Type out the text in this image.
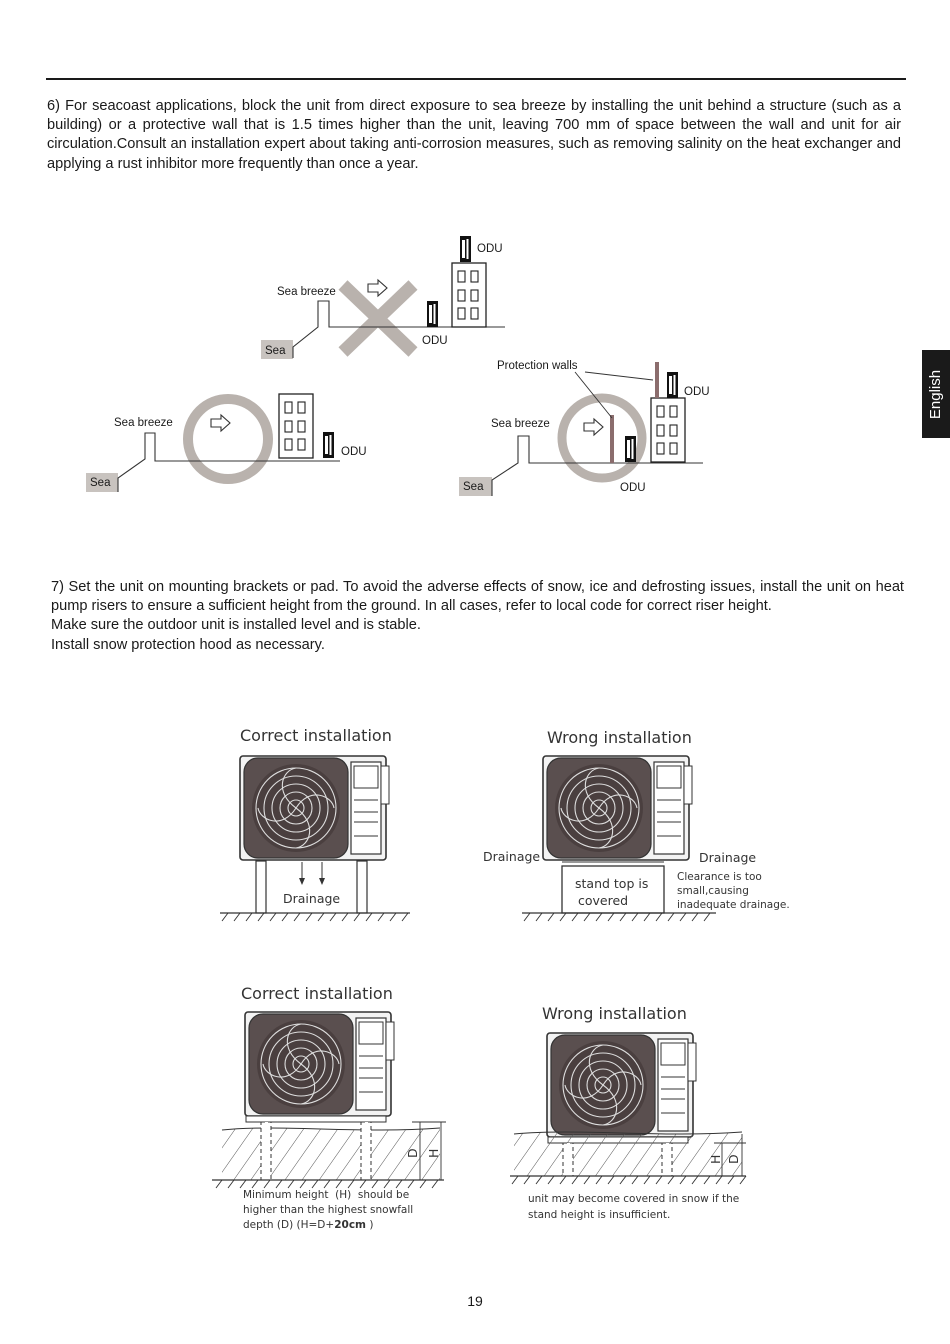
6) For seacoast applications, block the unit from direct exposure to sea breeze by installing the unit behind a structure (such as a building) or a protective wall that is 1.5 times higher than the unit, leaving 700 mm of space between the wall and unit for air circulation.Consult an installation expert about taking anti-corrosion measures, such as removing salinity on the heat exchanger and applying a rust inhibitor more frequently than once a year.

English
Sea
Sea breeze
ODU
ODU
Sea
Sea breeze
ODU
Sea
Sea breeze
ODU
ODU
Protection walls

7) Set the unit on mounting brackets or pad. To avoid the adverse effects of snow, ice and defrosting issues, install the unit on heat pump risers to ensure a sufficient height from the ground. In all cases, refer to local code for correct riser height.

Make sure the outdoor unit is installed level and is stable.

Install snow protection hood as necessary.

Correct installation
Drainage
Wrong installation
stand top is
covered
Drainage	Drainage
Clearance is too
small,causing
inadequate drainage.
Correct installation
D H
Minimum height  (H)  should be
higher than the highest snowfall
depth (D) (H=D+20cm )
Wrong installation
D
H
unit may become covered in snow if the
stand height is insufficient.
19
